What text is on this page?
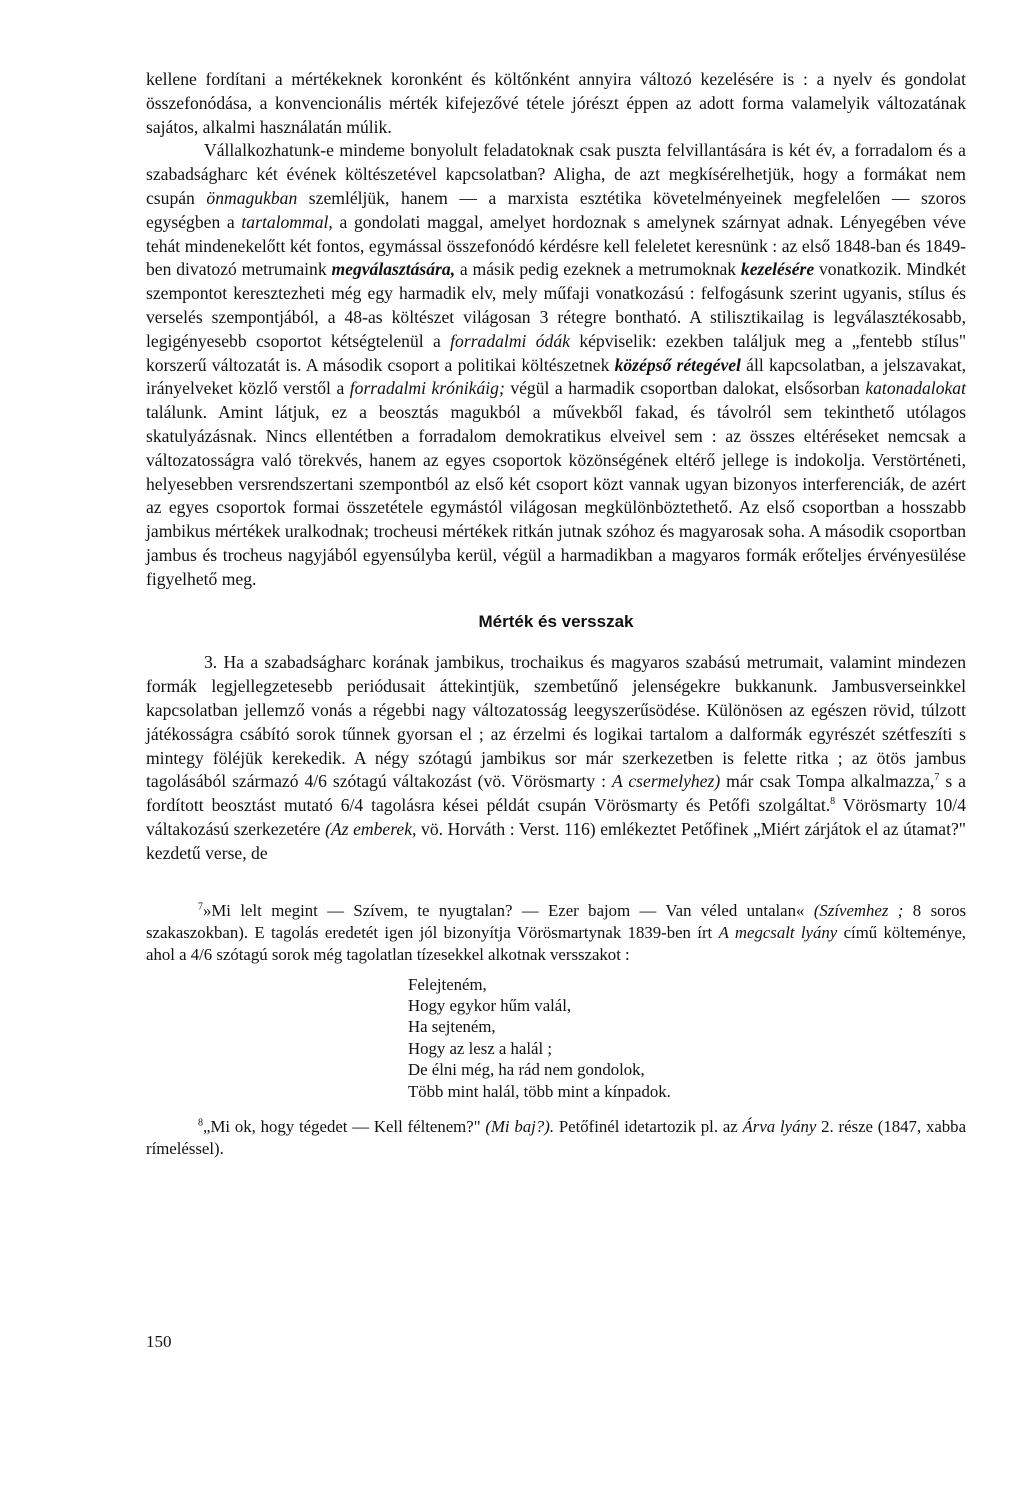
kellene fordítani a mértékeknek koronként és költőnként annyira változó kezelésére is : a nyelv és gondolat összefonódása, a konvencionális mérték kifejezővé tétele jórészt éppen az adott forma valamelyik változatának sajátos, alkalmi használatán múlik.

Vállalkozhatunk-e mindeme bonyolult feladatoknak csak puszta felvillantására is két év, a forradalom és a szabadságharc két évének költészetével kapcsolatban? Aligha, de azt megkísérelhetjük, hogy a formákat nem csupán önmagukban szemléljük, hanem — a marxista esztétika követelményeinek megfelelően — szoros egységben a tartalommal, a gondolati maggal, amelyet hordoznak s amelynek szárnyat adnak. Lényegében véve tehát mindenekelőtt két fontos, egymással összefonódó kérdésre kell feleletet keresnünk : az első 1848-ban és 1849-ben divatozó metrumaink megválasztására, a másik pedig ezeknek a metrumoknak kezelésére vonatkozik. Mindkét szempontot keresztezheti még egy harmadik elv, mely műfaji vonatkozású : felfogásunk szerint ugyanis, stílus és verselés szempontjából, a 48-as költészet világosan 3 rétegre bontható. A stilisztikailag is legválasztékosabb, legigényesebb csoportot kétségtelenül a forradalmi ódák képviselik: ezekben találjuk meg a „fentebb stílus" korszerű változatát is. A második csoport a politikai költészetnek középső rétegével áll kapcsolatban, a jelszavakat, irányelveket közlő verstől a forradalmi krónikáig; végül a harmadik csoportban dalokat, elsősorban katonadalokat találunk. Amint látjuk, ez a beosztás magukból a művekből fakad, és távolról sem tekinthető utólagos skatulyázásnak. Nincs ellentétben a forradalom demokratikus elveivel sem : az összes eltéréseket nemcsak a változatosságra való törekvés, hanem az egyes csoportok közönségének eltérő jellege is indokolja. Verstörténeti, helyesebben versrendszertani szempontból az első két csoport közt vannak ugyan bizonyos interferenciák, de azért az egyes csoportok formai összetétele egymástól világosan megkülönböztethető. Az első csoportban a hosszabb jambikus mértékek uralkodnak; trocheusi mértékek ritkán jutnak szóhoz és magyarosak soha. A második csoportban jambus és trocheus nagyjából egyensúlyba kerül, végül a harmadikban a magyaros formák erőteljes érvényesülése figyelhető meg.

Mérték és versszak

3. Ha a szabadságharc korának jambikus, trochaikus és magyaros szabású metrumait, valamint mindezen formák legjellegzetesebb periódusait áttekintjük, szembetűnő jelenségekre bukkanunk. Jambusverseinkkel kapcsolatban jellemző vonás a régebbi nagy változatosság leegyszerűsödése. Különösen az egészen rövid, túlzott játékosságra csábító sorok tűnnek gyorsan el ; az érzelmi és logikai tartalom a dalformák egyrészét szétfeszíti s mintegy föléjük kerekedik. A négy szótagú jambikus sor már szerkezetben is felette ritka ; az ötös jambus tagolásából származó 4/6 szótagú váltakozást (vö. Vörösmarty : A csermelyhez) már csak Tompa alkalmazza,$^7$ s a fordított beosztást mutató 6/4 tagolásra kései példát csupán Vörösmarty és Petőfi szolgáltat.$^8$ Vörösmarty 10/4 váltakozású szerkezetére (Az emberek, vö. Horváth : Verst. 116) emlékeztet Petőfinek „Miért zárjátok el az útamat?" kezdetű verse, de

$^7$»Mi lelt megint — Szívem, te nyugtalan? — Ezer bajom — Van véled untalan« (Szívemhez ; 8 soros szakaszokban). E tagolás eredetét igen jól bizonyítja Vörösmartynak 1839-ben írt A megcsalt lyány című költeménye, ahol a 4/6 szótagú sorok még tagolatlan tízesekkel alkotnak versszakot :

Felejteném,
Hogy egykor hűm valál,
Ha sejteném,
Hogy az lesz a halál ;
De élni még, ha rád nem gondolok,
Több mint halál, több mint a kínpadok.

$^8$„Mi ok, hogy tégedet — Kell féltenem?" (Mi baj?). Petőfinél idetartozik pl. az Árva lyány 2. része (1847, xabba rímeléssel).

150
